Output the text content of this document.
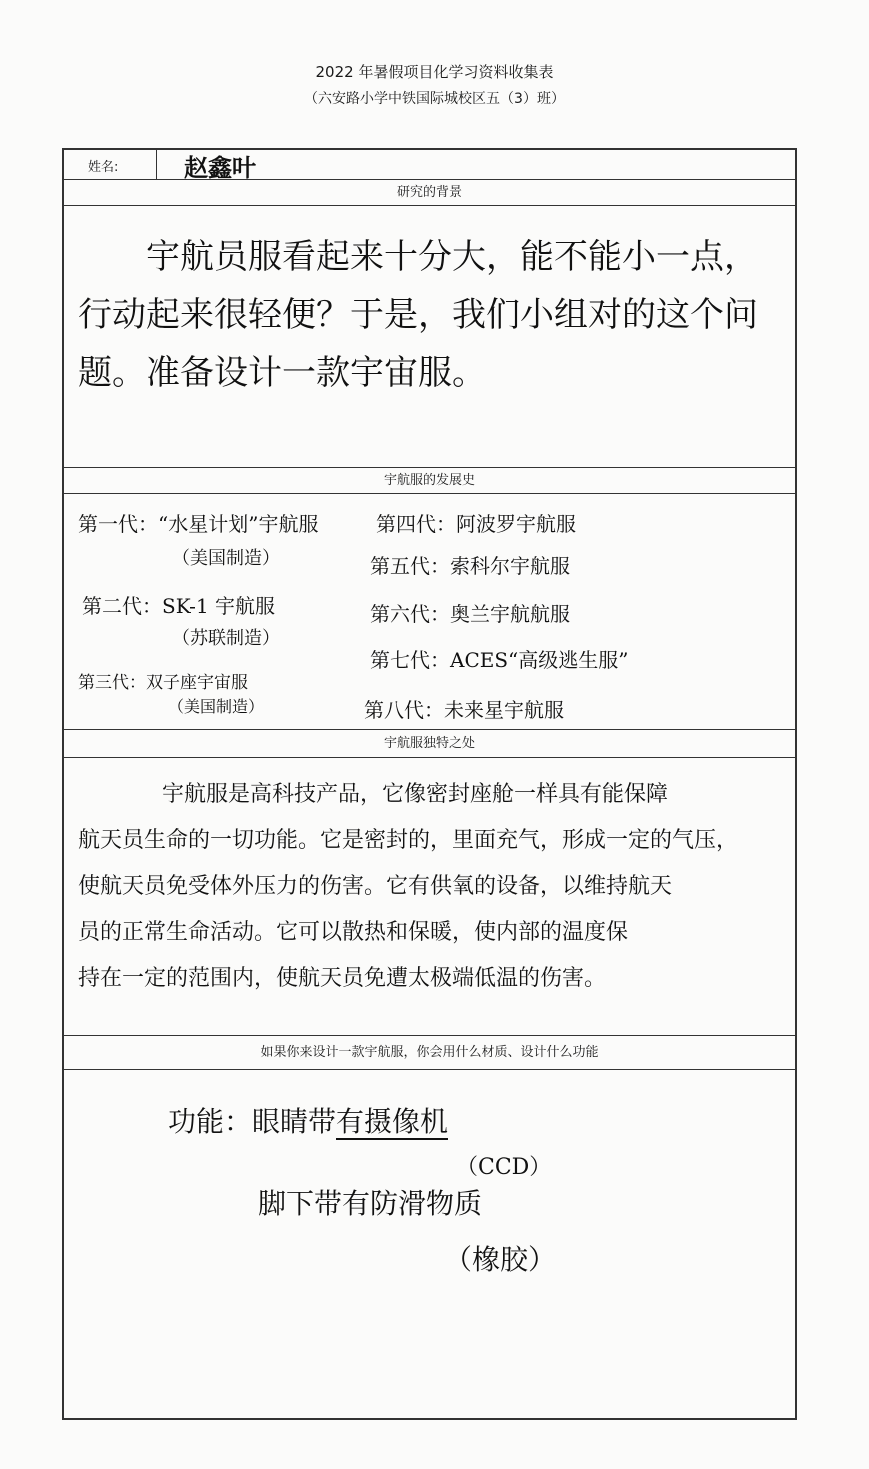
2022 年暑假项目化学习资料收集表
（六安路小学中铁国际城校区五（3）班）
姓名:	赵鑫叶
研究的背景
宇航员服看起来十分大，能不能小一点，行动起来很轻便？于是，我们小组对的这个问题。准备设计一款宇宙服。
宇航服的发展史
第一代：“水星计划”宇航服
（美国制造）
第二代：SK-1 宇航服
（苏联制造）
第三代：双子座宇宙服
（美国制造）
第四代：阿波罗宇航服
第五代：索科尔宇航服
第六代：奥兰宇航航服
第七代：ACES“高级逃生服”
第八代：未来星宇航服
宇航服独特之处
宇航服是高科技产品，它像密封座舱一样具有能保障
航天员生命的一切功能。它是密封的，里面充气，形成一定的气压，
使航天员免受体外压力的伤害。它有供氧的设备，以维持航天
员的正常生命活动。它可以散热和保暖，使内部的温度保
持在一定的范围内，使航天员免遭太极端低温的伤害。
如果你来设计一款宇航服，你会用什么材质、设计什么功能
功能：眼睛带有摄像机
（CCD）
脚下带有防滑物质
（橡胶）
